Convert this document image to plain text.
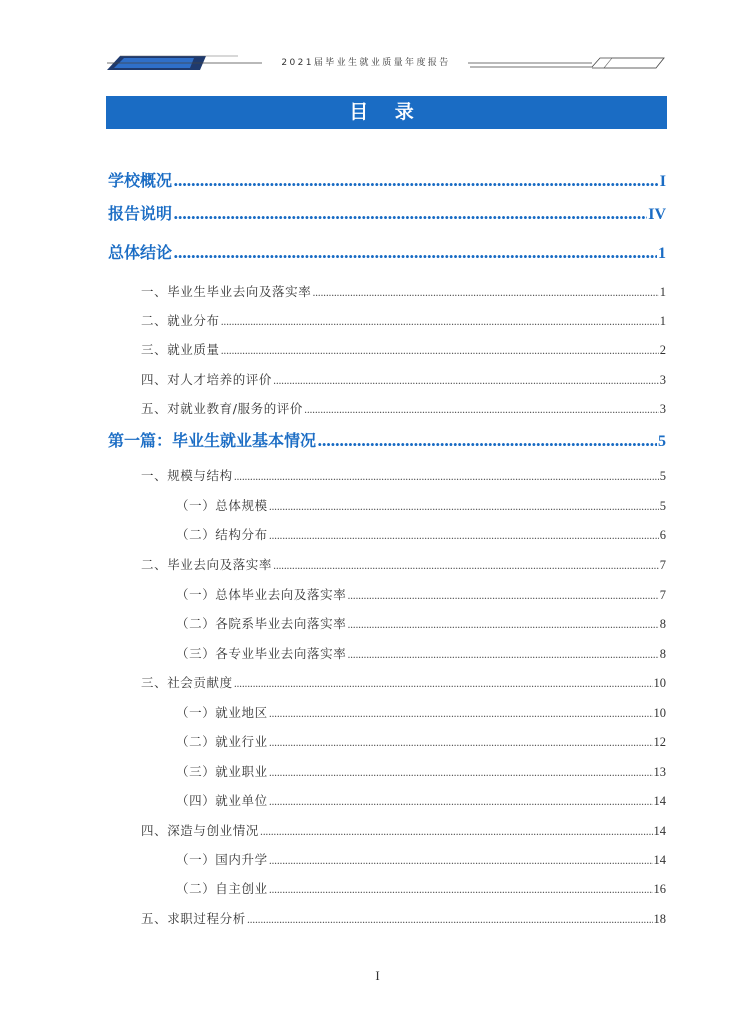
2021届毕业生就业质量年度报告
目 录
学校概况 .....	I
报告说明 .....	IV
总体结论 .....	1
一、毕业生毕业去向及落实率 .....	1
二、就业分布 .....	1
三、就业质量 .....	2
四、对人才培养的评价 .....	3
五、对就业教育/服务的评价 .....	3
第一篇：毕业生就业基本情况 .....	5
一、规模与结构 .....	5
（一）总体规模 .....	5
（二）结构分布 .....	6
二、毕业去向及落实率 .....	7
（一）总体毕业去向及落实率 .....	7
（二）各院系毕业去向落实率 .....	8
（三）各专业毕业去向落实率 .....	8
三、社会贡献度 .....	10
（一）就业地区 .....	10
（二）就业行业 .....	12
（三）就业职业 .....	13
（四）就业单位 .....	14
四、深造与创业情况 .....	14
（一）国内升学 .....	14
（二）自主创业 .....	16
五、求职过程分析 .....	18
I
